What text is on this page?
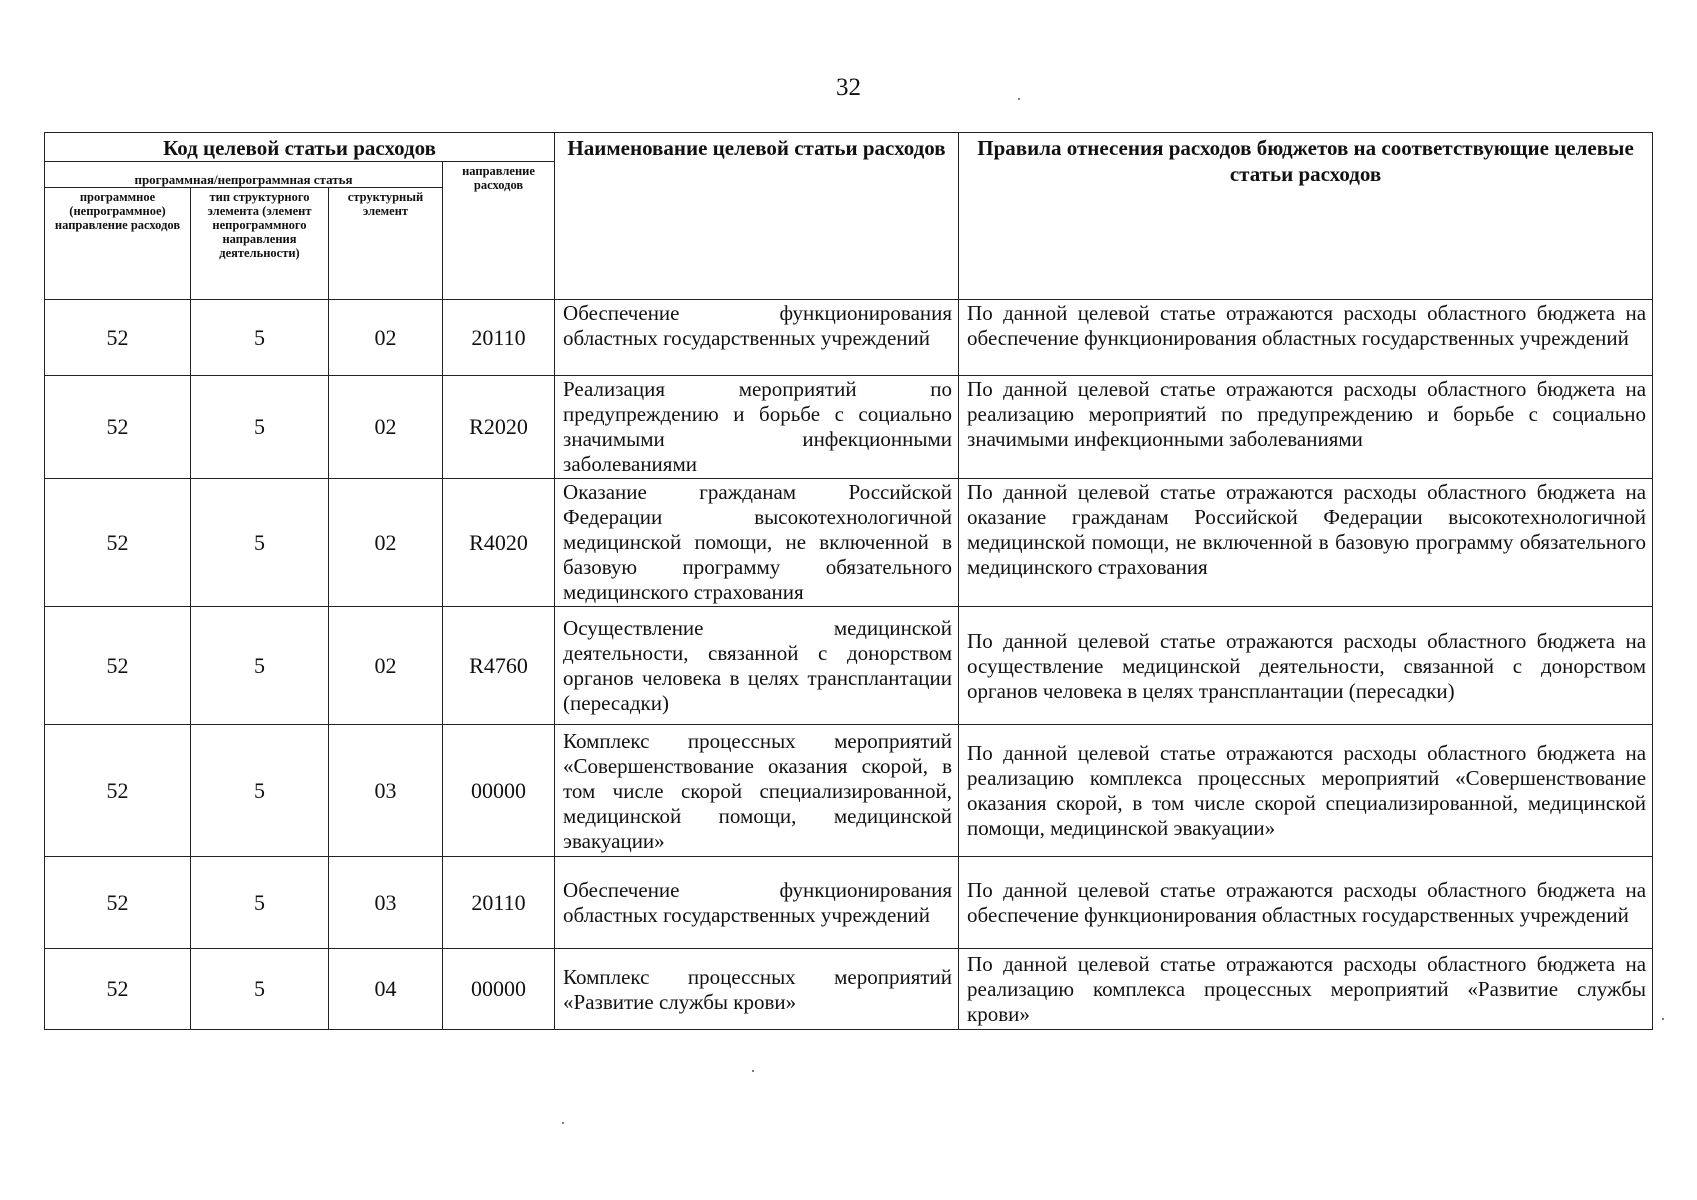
32
Код целевой статьи расходов				Наименование целевой статьи расходов	Правила отнесения расходов бюджетов на соответствующие целевые статьи расходов
программная/непрограммная статья			направление расходов		
программное (непрограммное) направление расходов	тип структурного элемента (элемент непрограммного направления деятельности)	структурный элемент			
52	5	02	20110	Обеспечение функционирования областных государственных учреждений	По данной целевой статье отражаются расходы областного бюджета на обеспечение функционирования областных государственных учреждений
52	5	02	R2020	Реализация мероприятий по предупреждению и борьбе с социально значимыми инфекционными заболеваниями	По данной целевой статье отражаются расходы областного бюджета на реализацию мероприятий по предупреждению и борьбе с социально значимыми инфекционными заболеваниями
52	5	02	R4020	Оказание гражданам Российской Федерации высокотехнологичной медицинской помощи, не включенной в базовую программу обязательного медицинского страхования	По данной целевой статье отражаются расходы областного бюджета на оказание гражданам Российской Федерации высокотехнологичной медицинской помощи, не включенной в базовую программу обязательного медицинского страхования
52	5	02	R4760	Осуществление медицинской деятельности, связанной с донорством органов человека в целях трансплантации (пересадки)	По данной целевой статье отражаются расходы областного бюджета на осуществление медицинской деятельности, связанной с донорством органов человека в целях трансплантации (пересадки)
52	5	03	00000	Комплекс процессных мероприятий «Совершенствование оказания скорой, в том числе скорой специализированной, медицинской помощи, медицинской эвакуации»	По данной целевой статье отражаются расходы областного бюджета на реализацию комплекса процессных мероприятий «Совершенствование оказания скорой, в том числе скорой специализированной, медицинской помощи, медицинской эвакуации»
52	5	03	20110	Обеспечение функционирования областных государственных учреждений	По данной целевой статье отражаются расходы областного бюджета на обеспечение функционирования областных государственных учреждений
52	5	04	00000	Комплекс процессных мероприятий «Развитие службы крови»	По данной целевой статье отражаются расходы областного бюджета на реализацию комплекса процессных мероприятий «Развитие службы крови»
